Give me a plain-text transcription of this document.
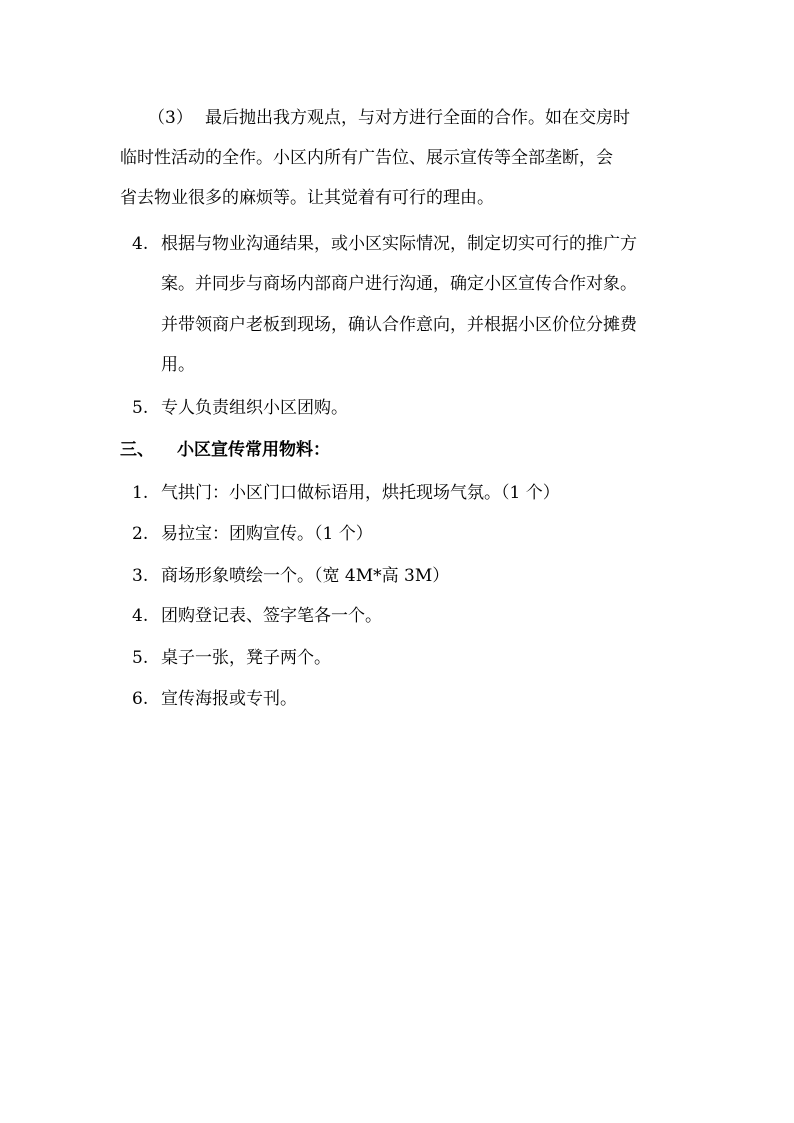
（3） 最后抛出我方观点，与对方进行全面的合作。如在交房时
临时性活动的全作。小区内所有广告位、展示宣传等全部垄断，会
省去物业很多的麻烦等。让其觉着有可行的理由。
4. 根据与物业沟通结果，或小区实际情况，制定切实可行的推广方
案。并同步与商场内部商户进行沟通，确定小区宣传合作对象。
并带领商户老板到现场，确认合作意向，并根据小区价位分摊费
用。
5. 专人负责组织小区团购。
三、 小区宣传常用物料：
1. 气拱门：小区门口做标语用，烘托现场气氛。（1 个）
2. 易拉宝：团购宣传。（1 个）
3. 商场形象喷绘一个。（宽 4M*高 3M）
4. 团购登记表、签字笔各一个。
5. 桌子一张，凳子两个。
6. 宣传海报或专刊。
